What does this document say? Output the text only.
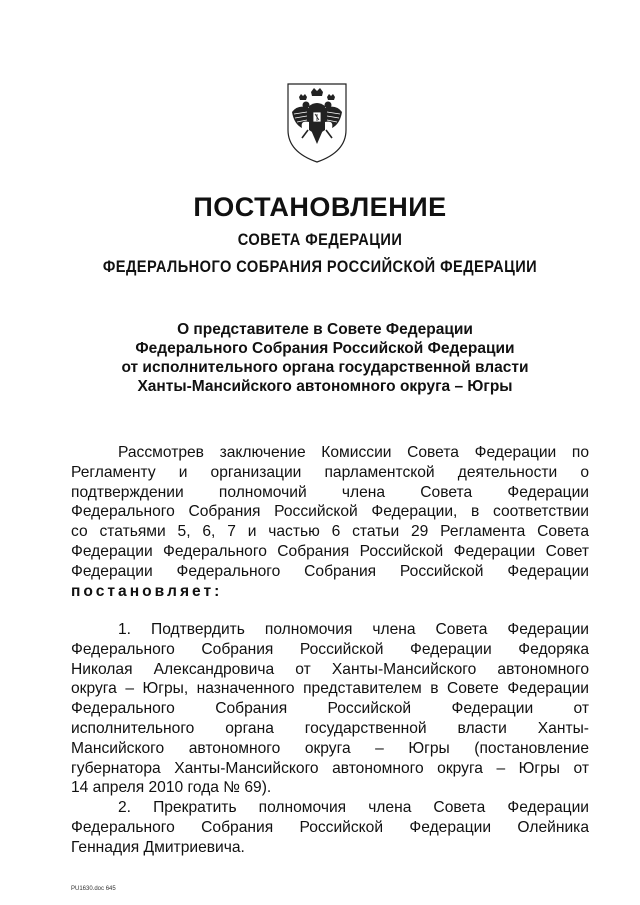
ПОСТАНОВЛЕНИЕ
СОВЕТА ФЕДЕРАЦИИ
ФЕДЕРАЛЬНОГО СОБРАНИЯ РОССИЙСКОЙ ФЕДЕРАЦИИ
О представителе в Совете Федерации
Федерального Собрания Российской Федерации
от исполнительного органа государственной власти
Ханты-Мансийского автономного округа – Югры
Рассмотрев заключение Комиссии Совета Федерации по
Регламенту и организации парламентской деятельности о
подтверждении полномочий члена Совета Федерации
Федерального Собрания Российской Федерации, в соответствии
со статьями 5, 6, 7 и частью 6 статьи 29 Регламента Совета
Федерации Федерального Собрания Российской Федерации Совет
Федерации Федерального Собрания Российской Федерации
постановляет:
1. Подтвердить полномочия члена Совета Федерации
Федерального Собрания Российской Федерации Федоряка
Николая Александровича от Ханты-Мансийского автономного
округа – Югры, назначенного представителем в Совете Федерации
Федерального Собрания Российской Федерации от
исполнительного органа государственной власти Ханты-
Мансийского автономного округа – Югры (постановление
губернатора Ханты-Мансийского автономного округа – Югры от
14 апреля 2010 года № 69).
2. Прекратить полномочия члена Совета Федерации
Федерального Собрания Российской Федерации Олейника
Геннадия Дмитриевича.
PU1630.doc 645
